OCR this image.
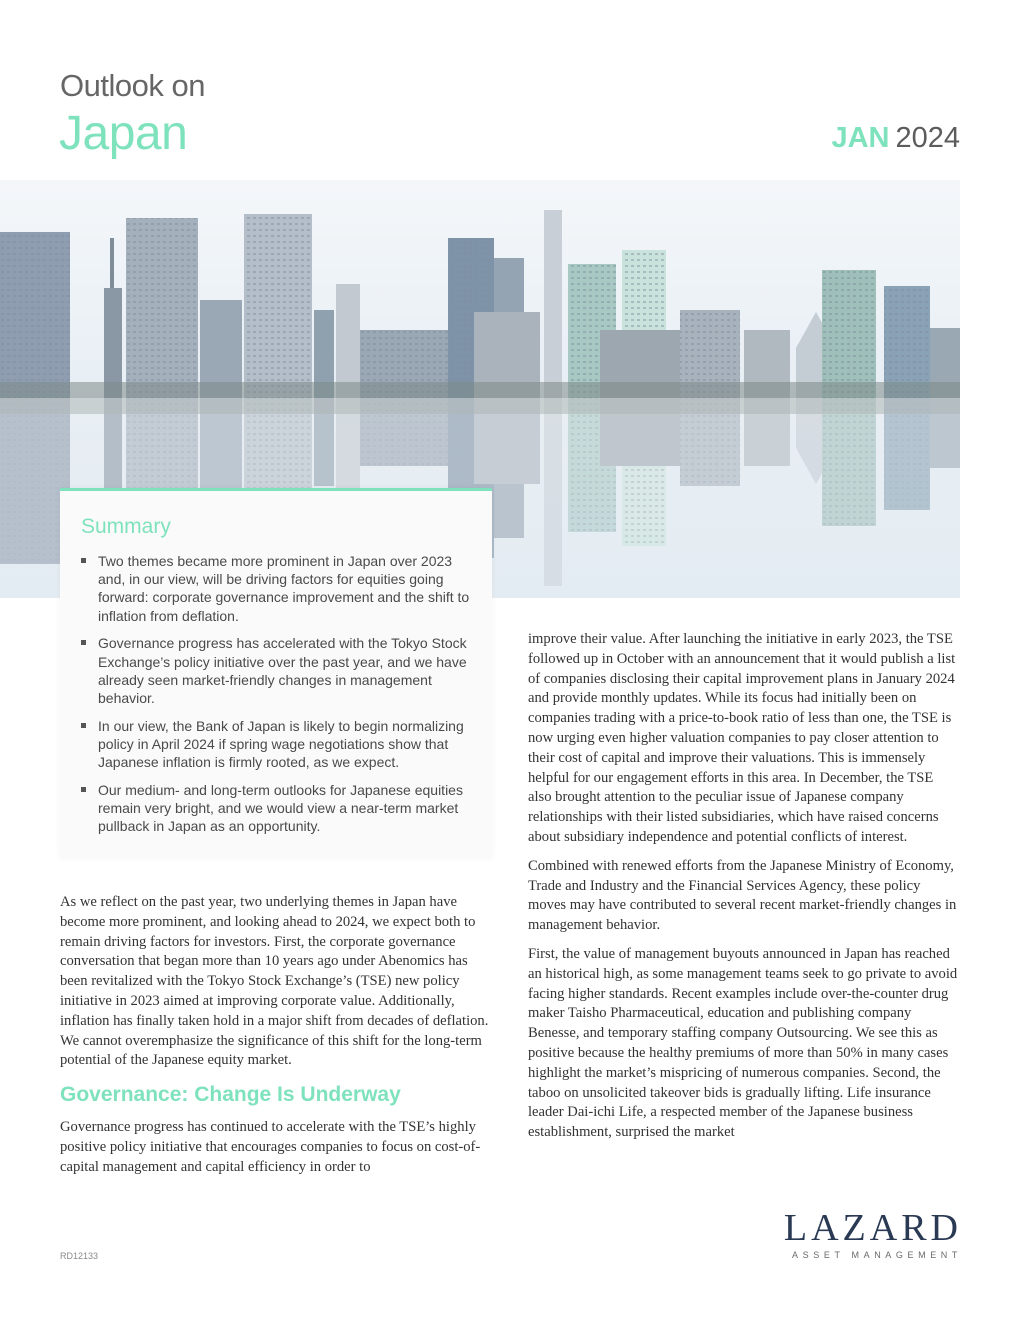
Outlook on
Japan	JAN 2024
Summary
Two themes became more prominent in Japan over 2023 and, in our view, will be driving factors for equities going forward: corporate governance improvement and the shift to inflation from deflation.
Governance progress has accelerated with the Tokyo Stock Exchange’s policy initiative over the past year, and we have already seen market-friendly changes in management behavior.
In our view, the Bank of Japan is likely to begin normalizing policy in April 2024 if spring wage negotiations show that Japanese inflation is firmly rooted, as we expect.
Our medium- and long-term outlooks for Japanese equities remain very bright, and we would view a near-term market pullback in Japan as an opportunity.

As we reflect on the past year, two underlying themes in Japan have become more prominent, and looking ahead to 2024, we expect both to remain driving factors for investors. First, the corporate governance conversation that began more than 10 years ago under Abenomics has been revitalized with the Tokyo Stock Exchange’s (TSE) new policy initiative in 2023 aimed at improving corporate value. Additionally, inflation has finally taken hold in a major shift from decades of deflation. We cannot overemphasize the significance of this shift for the long-term potential of the Japanese equity market.

Governance: Change Is Underway

Governance progress has continued to accelerate with the TSE’s highly positive policy initiative that encourages companies to focus on cost-of-capital management and capital efficiency in order to

improve their value. After launching the initiative in early 2023, the TSE followed up in October with an announcement that it would publish a list of companies disclosing their capital improvement plans in January 2024 and provide monthly updates. While its focus had initially been on companies trading with a price-to-book ratio of less than one, the TSE is now urging even higher valuation companies to pay closer attention to their cost of capital and improve their valuations. This is immensely helpful for our engagement efforts in this area. In December, the TSE also brought attention to the peculiar issue of Japanese company relationships with their listed subsidiaries, which have raised concerns about subsidiary independence and potential conflicts of interest.

Combined with renewed efforts from the Japanese Ministry of Economy, Trade and Industry and the Financial Services Agency, these policy moves may have contributed to several recent market-friendly changes in management behavior.

First, the value of management buyouts announced in Japan has reached an historical high, as some management teams seek to go private to avoid facing higher standards. Recent examples include over-the-counter drug maker Taisho Pharmaceutical, education and publishing company Benesse, and temporary staffing company Outsourcing. We see this as positive because the healthy premiums of more than 50% in many cases highlight the market’s mispricing of numerous companies. Second, the taboo on unsolicited takeover bids is gradually lifting. Life insurance leader Dai-ichi Life, a respected member of the Japanese business establishment, surprised the market

RD12133
LAZARD
ASSET MANAGEMENT
